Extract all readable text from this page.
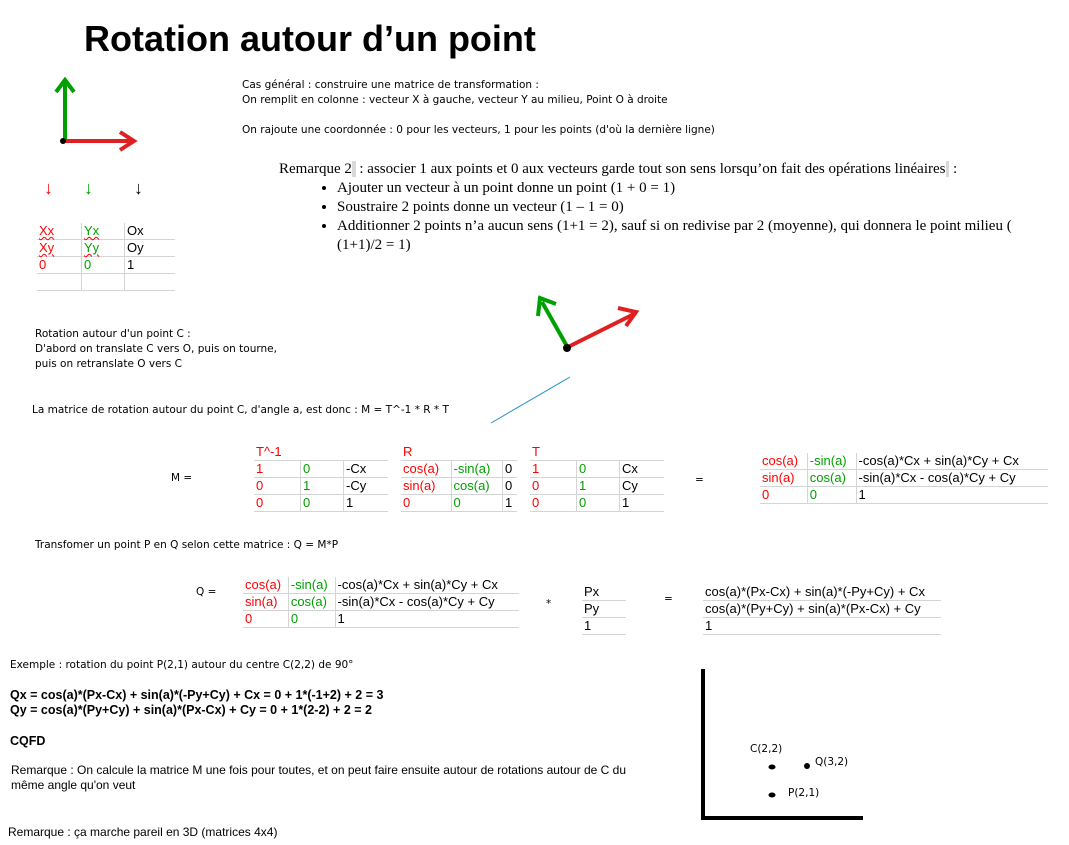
Rotation autour d’un point
Cas général : construire une matrice de transformation :
On remplit en colonne : vecteur X à gauche, vecteur Y au milieu, Point O à droite
On rajoute une coordonnée : 0 pour les vecteurs, 1 pour les points (d'où la dernière ligne)
Remarque 2  : associer 1 aux points et 0 aux vecteurs garde tout son sens lorsqu’on fait des opérations linéaires  :
• Ajouter un vecteur à un point donne un point (1 + 0 = 1)
• Soustraire 2 points donne un vecteur (1 – 1 = 0)
• Additionner 2 points n’a aucun sens (1+1 = 2), sauf si on redivise par 2 (moyenne), qui donnera le point milieu ( (1+1)/2 = 1)
↓ ↓ ↓
Xx	Yx	Ox
Xy	Yy	Oy
0	0	1

Rotation autour d'un point C :
D'abord on translate C vers O, puis on tourne,
puis on retranslate O vers C
La matrice de rotation autour du point C, d'angle a, est donc : M = T^-1 * R * T
M =
T^-1		
1	0	-Cx
0	1	-Cy
0	0	1
R		
cos(a)	-sin(a)	0
sin(a)	cos(a)	0
0	0	1
T		
1	0	Cx
0	1	Cy
0	0	1
=
cos(a)	-sin(a)	-cos(a)*Cx + sin(a)*Cy + Cx
sin(a)	cos(a)	-sin(a)*Cx - cos(a)*Cy + Cy
0	0	1
Transfomer un point P en Q selon cette matrice : Q = M*P
Q = cos(a)	-sin(a)	-cos(a)*Cx + sin(a)*Cy + Cx
sin(a)	cos(a)	-sin(a)*Cx - cos(a)*Cy + Cy
0	0	1
*
Px
Py
1
= cos(a)*(Px-Cx) + sin(a)*(-Py+Cy) + Cx
cos(a)*(Py+Cy) + sin(a)*(Px-Cx) + Cy
1
Exemple : rotation du point P(2,1) autour du centre C(2,2) de 90°
Qx = cos(a)*(Px-Cx) + sin(a)*(-Py+Cy) + Cx = 0 + 1*(-1+2) + 2 = 3
Qy = cos(a)*(Py+Cy) + sin(a)*(Px-Cx) + Cy = 0 + 1*(2-2) + 2 = 2
CQFD
Remarque : On calcule la matrice M une fois pour toutes, et on peut faire ensuite autour de rotations autour de C du même angle qu'on veut
Remarque : ça marche pareil en 3D (matrices 4x4)
C(2,2)
Q(3,2)
P(2,1)
